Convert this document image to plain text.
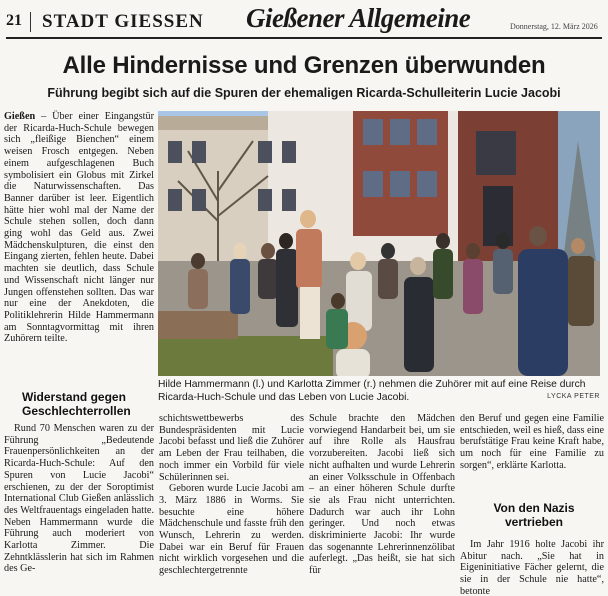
21 STADT GIESSEN Gießener Allgemeine	Donnerstag, 12. März 2026
Alle Hindernisse und Grenzen überwunden
Führung begibt sich auf die Spuren der ehemaligen Ricarda-Schulleiterin Lucie Jacobi

Gießen – Über einer Eingangstür der Ricarda-Huch-Schule bewegen sich „fleißige Bienchen“ einem weisen Frosch entgegen. Neben einem aufgeschlagenen Buch symbolisiert ein Globus mit Zirkel die Naturwissenschaften. Das Banner darüber ist leer. Eigentlich hätte hier wohl mal der Name der Schule stehen sollen, doch dann ging wohl das Geld aus. Zwei Mädchenskulpturen, die einst den Eingang zierten, fehlen heute. Dabei machten sie deutlich, dass Schule und Wissenschaft nicht länger nur Jungen offenstehen sollten. Das war nur eine der Anekdoten, die Politiklehrerin Hilde Hammermann am Sonntagvormittag mit ihren Zuhörern teilte.

Widerstand gegen Geschlechterrollen

Rund 70 Menschen waren zu der Führung „Bedeutende Frauenpersönlichkeiten an der Ricarda-Huch-Schule: Auf den Spuren von Lucie Jacobi“ erschienen, zu der der Soroptimist International Club Gießen anlässlich des Weltfrauentags eingeladen hatte. Neben Hammermann wurde die Führung auch moderiert von Karlotta Zimmer. Die Zehntklässlerin hat sich im Rahmen des Ge-

Hilde Hammermann (l.) und Karlotta Zimmer (r.) nehmen die Zuhörer mit auf eine Reise durch Ricarda-Huch-Schule und das Leben von Lucie Jacobi.	LYCKA PETER

schichtswettbewerbs des Bundespräsidenten mit Lucie Jacobi befasst und ließ die Zuhörer am Leben der Frau teilhaben, die noch immer ein Vorbild für viele Schülerinnen sei.

Geboren wurde Lucie Jacobi am 3. März 1886 in Worms. Sie besuchte eine höhere Mädchenschule und fasste früh den Wunsch, Lehrerin zu werden. Dabei war ein Beruf für Frauen nicht wirklich vorgesehen und die geschlechtergetrennte

Schule brachte den Mädchen vorwiegend Handarbeit bei, um sie auf ihre Rolle als Hausfrau vorzubereiten. Jacobi ließ sich nicht aufhalten und wurde Lehrerin an einer Volksschule in Offenbach – an einer höheren Schule durfte sie als Frau nicht unterrichten. Dadurch war auch ihr Lohn geringer. Und noch etwas diskriminierte Jacobi: Ihr wurde das sogenannte Lehrerinnenzölibat auferlegt. „Das heißt, sie hat sich für

den Beruf und gegen eine Familie entschieden, weil es hieß, dass eine berufstätige Frau keine Kraft habe, um noch für eine Familie zu sorgen“, erklärte Karlotta.

Von den Nazis vertrieben

Im Jahr 1916 holte Jacobi ihr Abitur nach. „Sie hat in Eigeninitiative Fächer gelernt, die sie in der Schule nie hatte“, betonte
